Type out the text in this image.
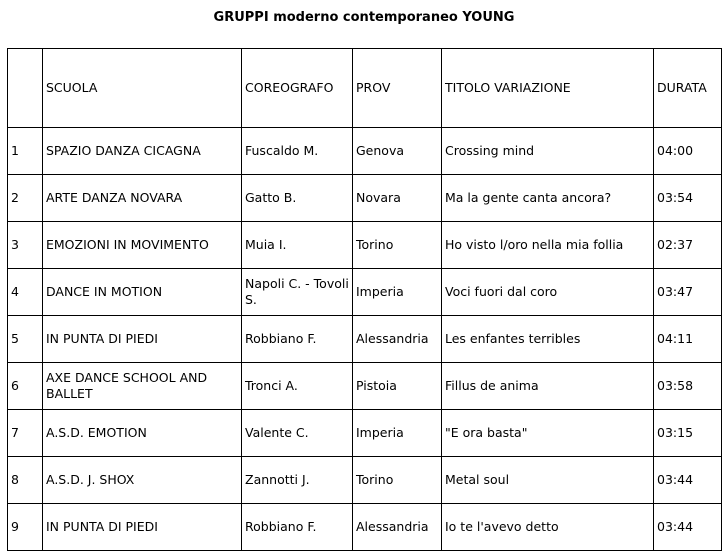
GRUPPI moderno contemporaneo YOUNG
	SCUOLA	COREOGRAFO	PROV	TITOLO VARIAZIONE	DURATA
1	SPAZIO DANZA CICAGNA	Fuscaldo M.	Genova	Crossing mind	04:00
2	ARTE DANZA NOVARA	Gatto B.	Novara	Ma la gente canta ancora?	03:54
3	EMOZIONI IN MOVIMENTO	Muia I.	Torino	Ho visto l/oro nella mia follia	02:37
4	DANCE IN MOTION	Napoli C. - Tovoli S.	Imperia	Voci fuori dal coro	03:47
5	IN PUNTA DI PIEDI	Robbiano F.	Alessandria	Les enfantes terribles	04:11
6	AXE DANCE SCHOOL AND BALLET	Tronci A.	Pistoia	Fillus de anima	03:58
7	A.S.D. EMOTION	Valente C.	Imperia	"E ora basta"	03:15
8	A.S.D. J. SHOX	Zannotti J.	Torino	Metal soul	03:44
9	IN PUNTA DI PIEDI	Robbiano F.	Alessandria	Io te l'avevo detto	03:44
